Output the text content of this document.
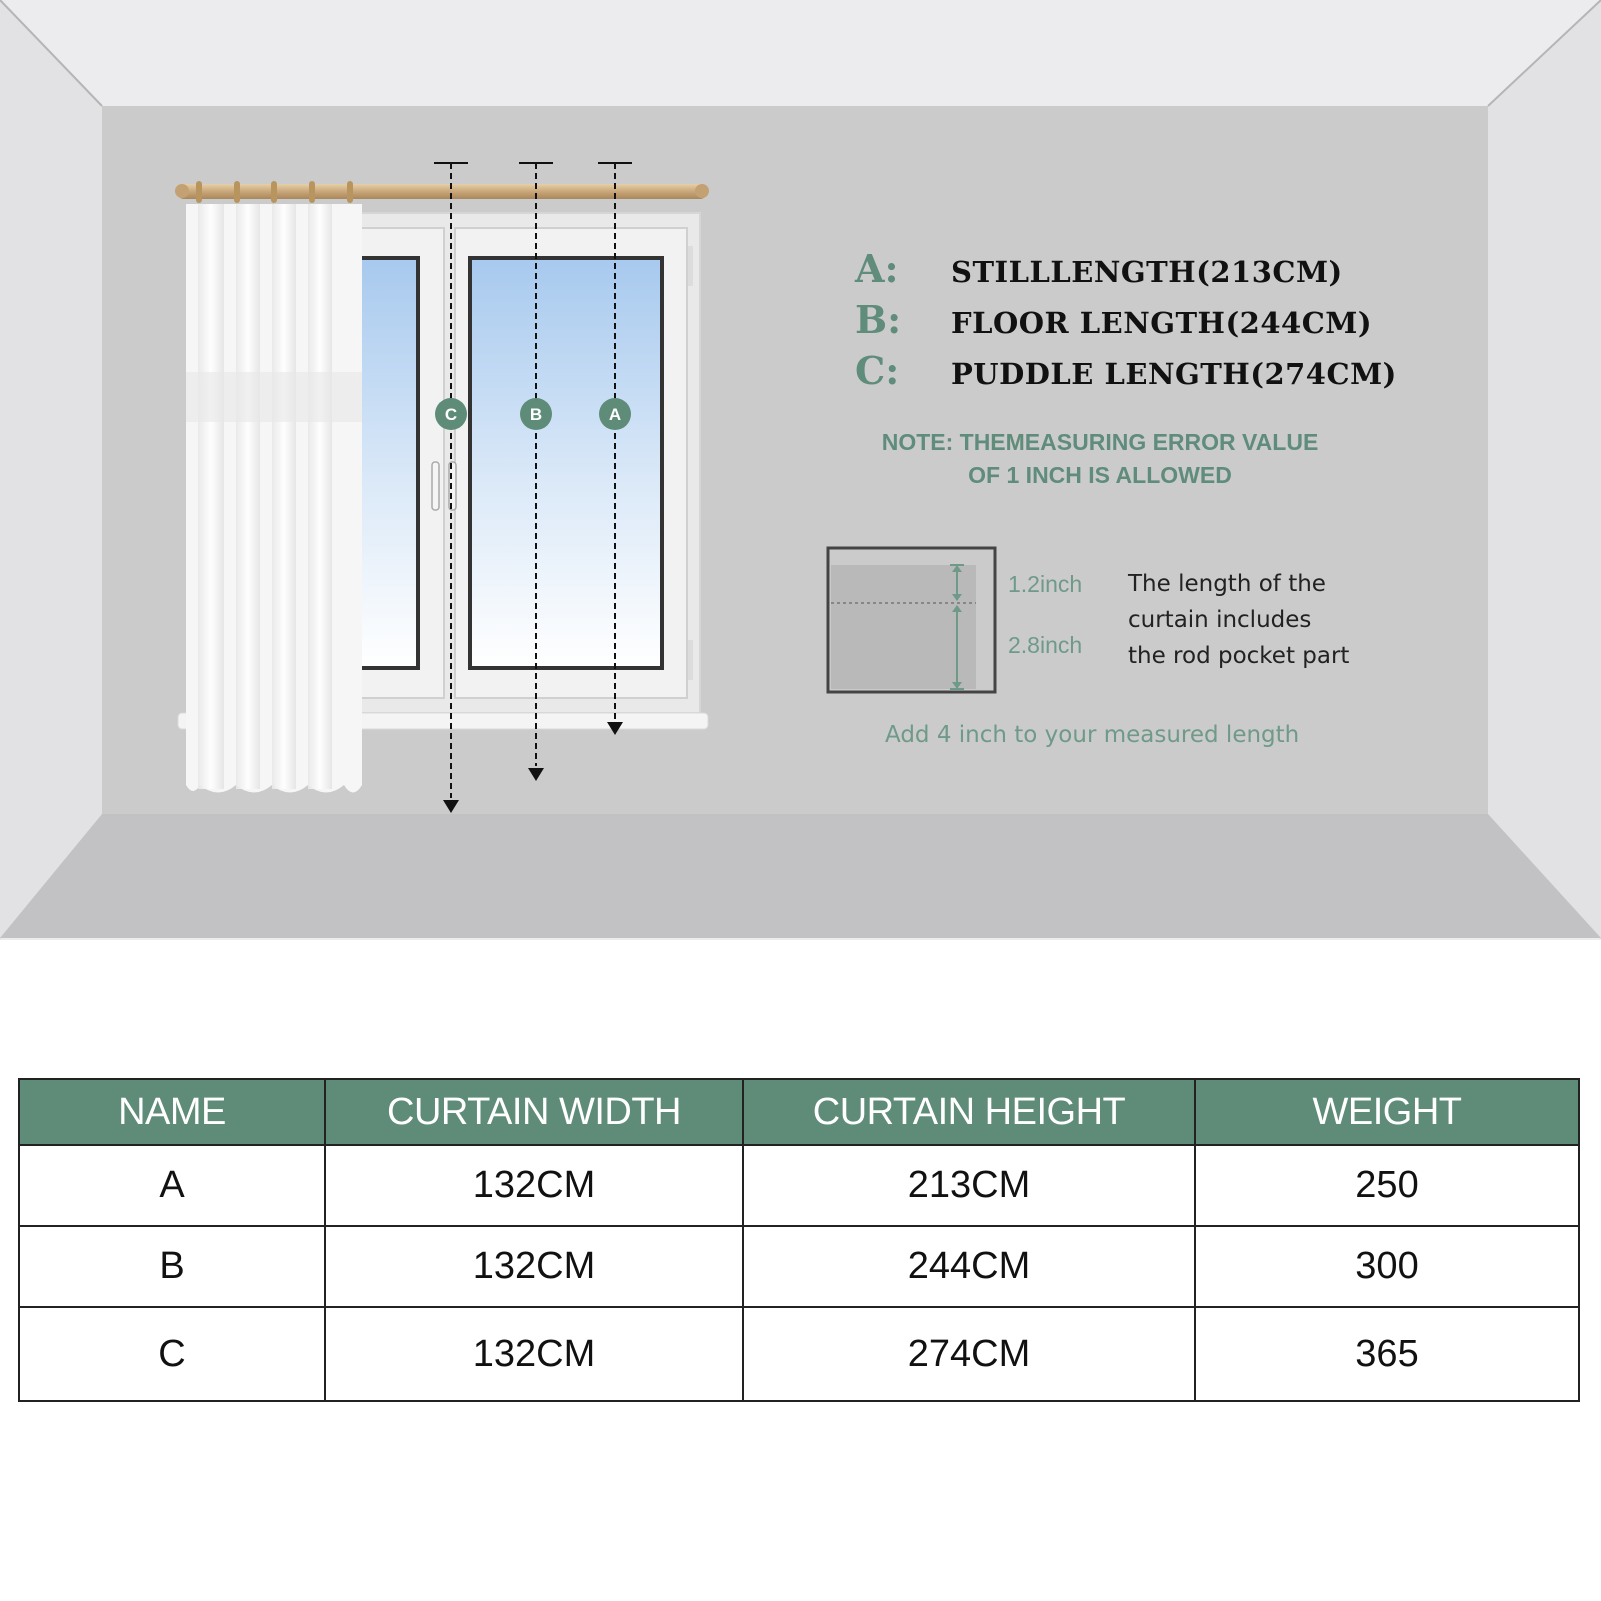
C	B	A
A:	STILLLENGTH(213CM)
B:	FLOOR LENGTH(244CM)
C:	PUDDLE LENGTH(274CM)
NOTE: THEMEASURING ERROR VALUE
OF 1 INCH IS ALLOWED
1.2inch
2.8inch
The length of the
curtain includes
the rod pocket part
Add 4 inch to your measured length
NAME	CURTAIN WIDTH	CURTAIN HEIGHT	WEIGHT
A	132CM	213CM	250
B	132CM	244CM	300
C	132CM	274CM	365
